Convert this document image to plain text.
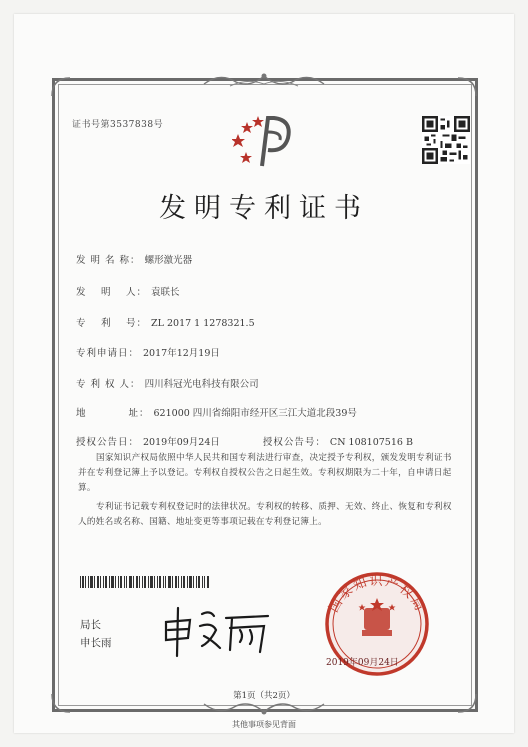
证书号第3537838号
发明专利证书
发 明 名 称： 螺形激光器
发　 明　 人： 袁联长
专　 利　 号： ZL 2017 1 1278321.5
专利申请日： 2017年12月19日
专 利 权 人： 四川科冠光电科技有限公司
地　　　　址： 621000 四川省绵阳市经开区三江大道北段39号
授权公告日： 2019年09月24日	授权公告号： CN 108107516 B
国家知识产权局依照中华人民共和国专利法进行审查，决定授予专利权，颁发发明专利证书并在专利登记簿上予以登记。专利权自授权公告之日起生效。专利权期限为二十年，自申请日起算。
专利证书记载专利权登记时的法律状况。专利权的转移、质押、无效、终止、恢复和专利权人的姓名或名称、国籍、地址变更等事项记载在专利登记簿上。
局长
申长雨
国家知识产权局
2019年09月24日
第1页（共2页）
其他事项参见背面
